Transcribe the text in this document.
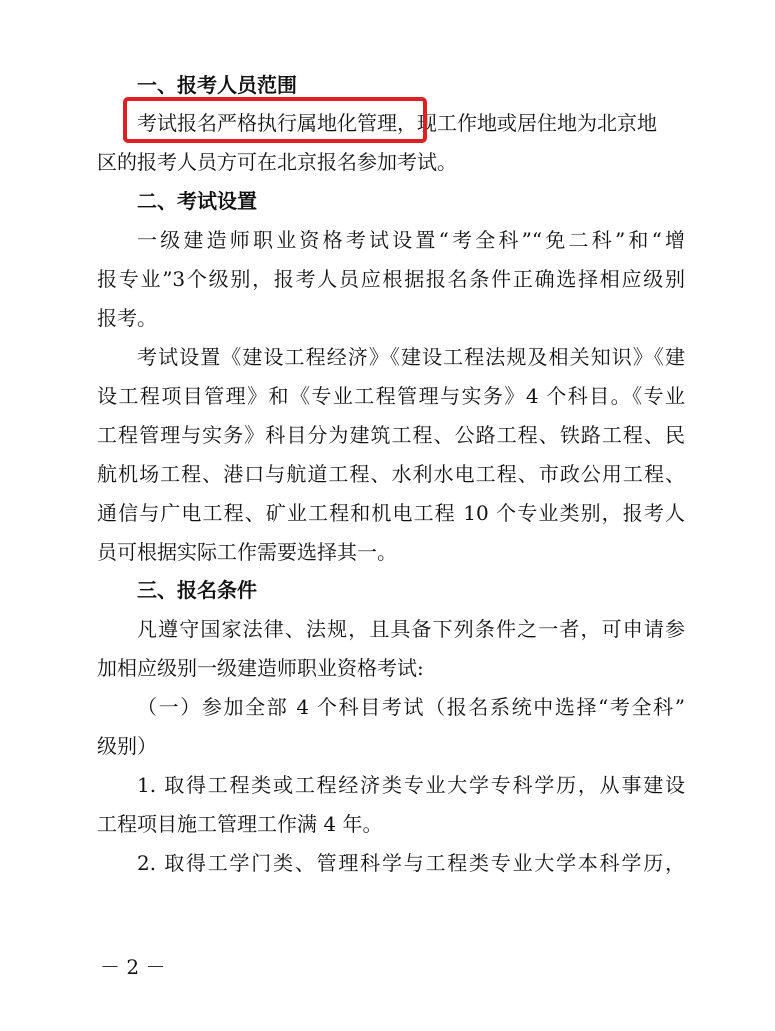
一、报考人员范围
考试报名严格执行属地化管理，现工作地或居住地为北京地
区的报考人员方可在北京报名参加考试。
二、考试设置
一级建造师职业资格考试设置“考全科”“免二科”和“增
报专业”3个级别，报考人员应根据报名条件正确选择相应级别
报考。
考试设置《建设工程经济》《建设工程法规及相关知识》《建
设工程项目管理》和《专业工程管理与实务》4 个科目。《专业
工程管理与实务》科目分为建筑工程、公路工程、铁路工程、民
航机场工程、港口与航道工程、水利水电工程、市政公用工程、
通信与广电工程、矿业工程和机电工程 10 个专业类别，报考人
员可根据实际工作需要选择其一。
三、报名条件
凡遵守国家法律、法规，且具备下列条件之一者，可申请参
加相应级别一级建造师职业资格考试:
（一）参加全部 4 个科目考试（报名系统中选择“考全科”
级别）
1. 取得工程类或工程经济类专业大学专科学历，从事建设
工程项目施工管理工作满 4 年。
2. 取得工学门类、管理科学与工程类专业大学本科学历，
－ 2 －
